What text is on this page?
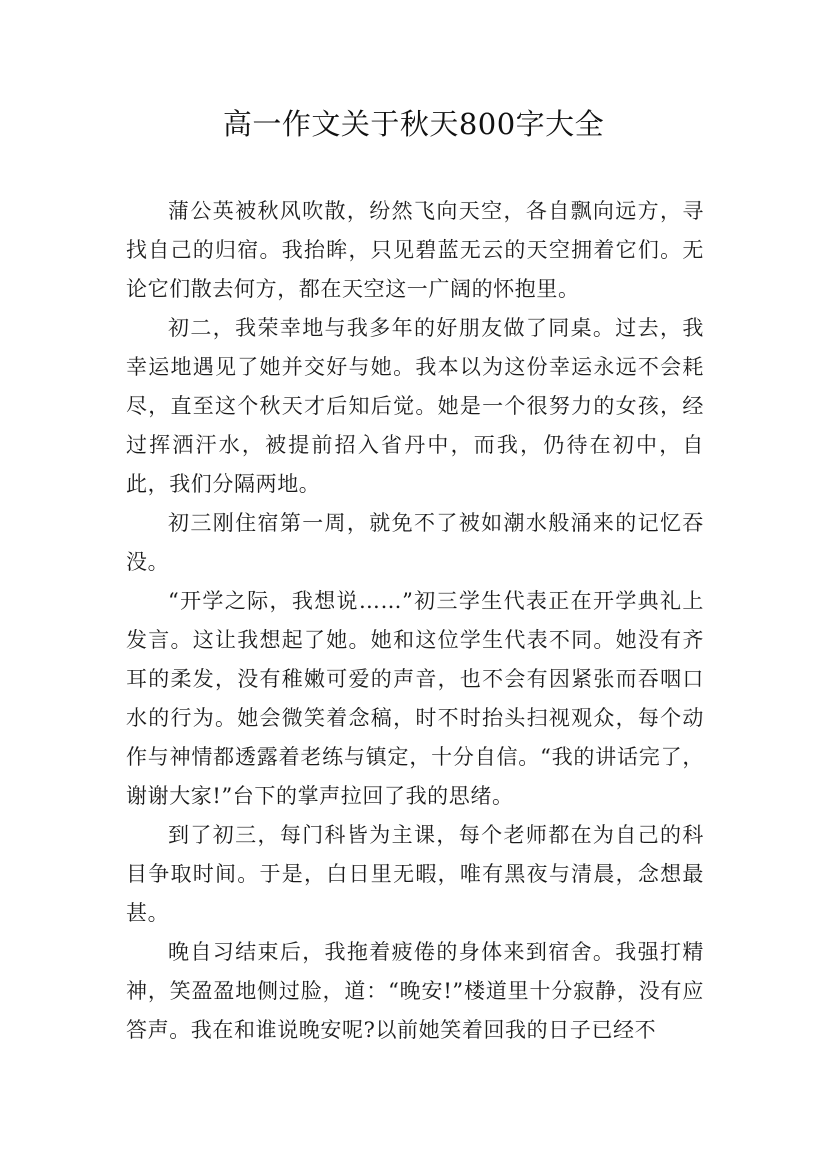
高一作文关于秋天800字大全

蒲公英被秋风吹散，纷然飞向天空，各自飘向远方，寻找自己的归宿。我抬眸，只见碧蓝无云的天空拥着它们。无论它们散去何方，都在天空这一广阔的怀抱里。

初二，我荣幸地与我多年的好朋友做了同桌。过去，我幸运地遇见了她并交好与她。我本以为这份幸运永远不会耗尽，直至这个秋天才后知后觉。她是一个很努力的女孩，经过挥洒汗水，被提前招入省丹中，而我，仍待在初中，自此，我们分隔两地。

初三刚住宿第一周，就免不了被如潮水般涌来的记忆吞没。

“开学之际，我想说……”初三学生代表正在开学典礼上发言。这让我想起了她。她和这位学生代表不同。她没有齐耳的柔发，没有稚嫩可爱的声音，也不会有因紧张而吞咽口水的行为。她会微笑着念稿，时不时抬头扫视观众，每个动作与神情都透露着老练与镇定，十分自信。“我的讲话完了，谢谢大家!”台下的掌声拉回了我的思绪。

到了初三，每门科皆为主课，每个老师都在为自己的科目争取时间。于是，白日里无暇，唯有黑夜与清晨，念想最甚。

晚自习结束后，我拖着疲倦的身体来到宿舍。我强打精神，笑盈盈地侧过脸，道：“晚安!”楼道里十分寂静，没有应答声。我在和谁说晚安呢?以前她笑着回我的日子已经不
